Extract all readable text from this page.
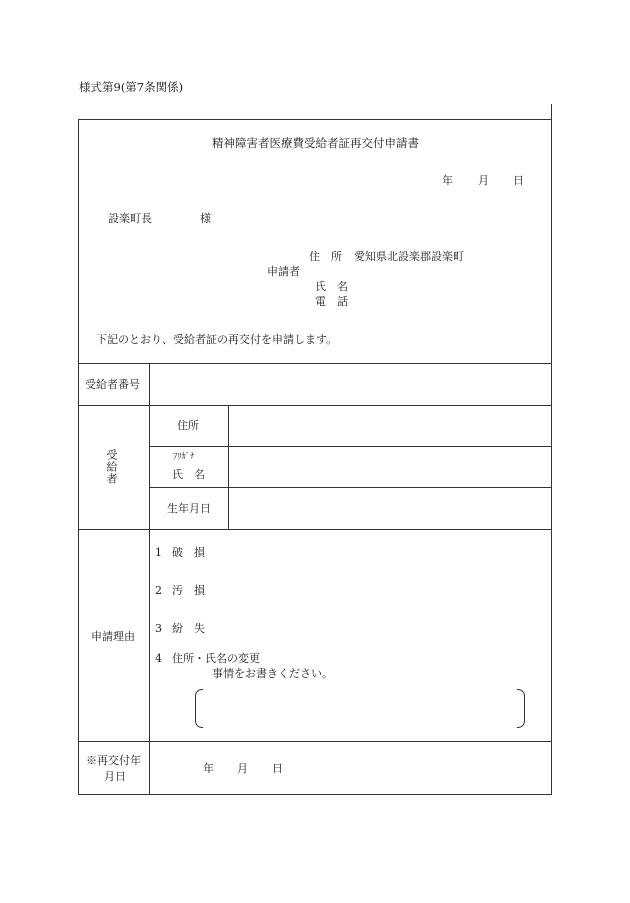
様式第9(第7条関係)
精神障害者医療費受給者証再交付申請書
年 月 日
設楽町長	様
住　所 愛知県北設楽郡設楽町
申請者
氏　名
電　話
下記のとおり、受給者証の再交付を申請します。
受給者番号
受給者
住所
ﾌﾘｶﾞﾅ
氏　名
生年月日
申請理由
1 破　損
2 汚　損
3 紛　失
4 住所・氏名の変更
事情をお書きください。
※再交付年
月日
年 月 日
